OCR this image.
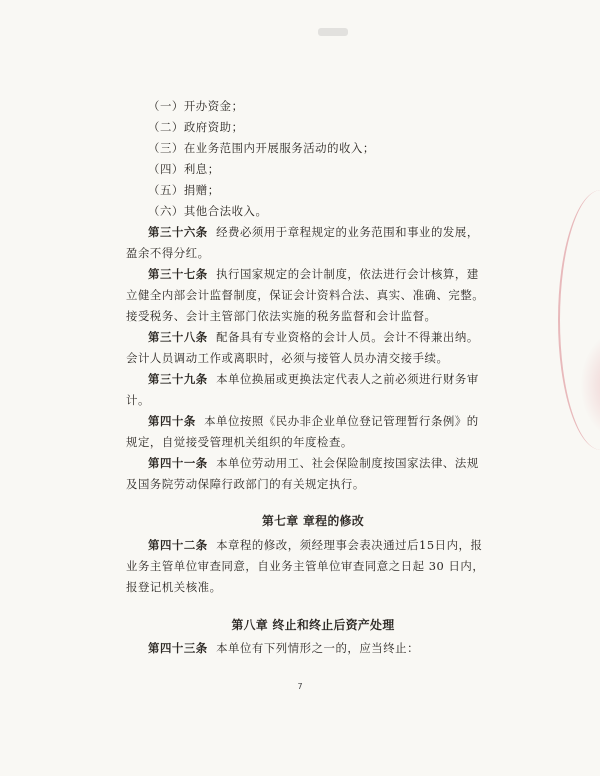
（一）开办资金；
（二）政府资助；
（三）在业务范围内开展服务活动的收入；
（四）利息；
（五）捐赠；
（六）其他合法收入。
第三十六条 经费必须用于章程规定的业务范围和事业的发展，
盈余不得分红。
第三十七条 执行国家规定的会计制度，依法进行会计核算，建
立健全内部会计监督制度，保证会计资料合法、真实、准确、完整。
接受税务、会计主管部门依法实施的税务监督和会计监督。
第三十八条 配备具有专业资格的会计人员。会计不得兼出纳。
会计人员调动工作或离职时，必须与接管人员办清交接手续。
第三十九条 本单位换届或更换法定代表人之前必须进行财务审
计。
第四十条 本单位按照《民办非企业单位登记管理暂行条例》的
规定，自觉接受管理机关组织的年度检查。
第四十一条 本单位劳动用工、社会保险制度按国家法律、法规
及国务院劳动保障行政部门的有关规定执行。
第七章 章程的修改
第四十二条 本章程的修改，须经理事会表决通过后15日内，报
业务主管单位审查同意，自业务主管单位审查同意之日起 30 日内，
报登记机关核准。
第八章 终止和终止后资产处理
第四十三条 本单位有下列情形之一的，应当终止：
7
